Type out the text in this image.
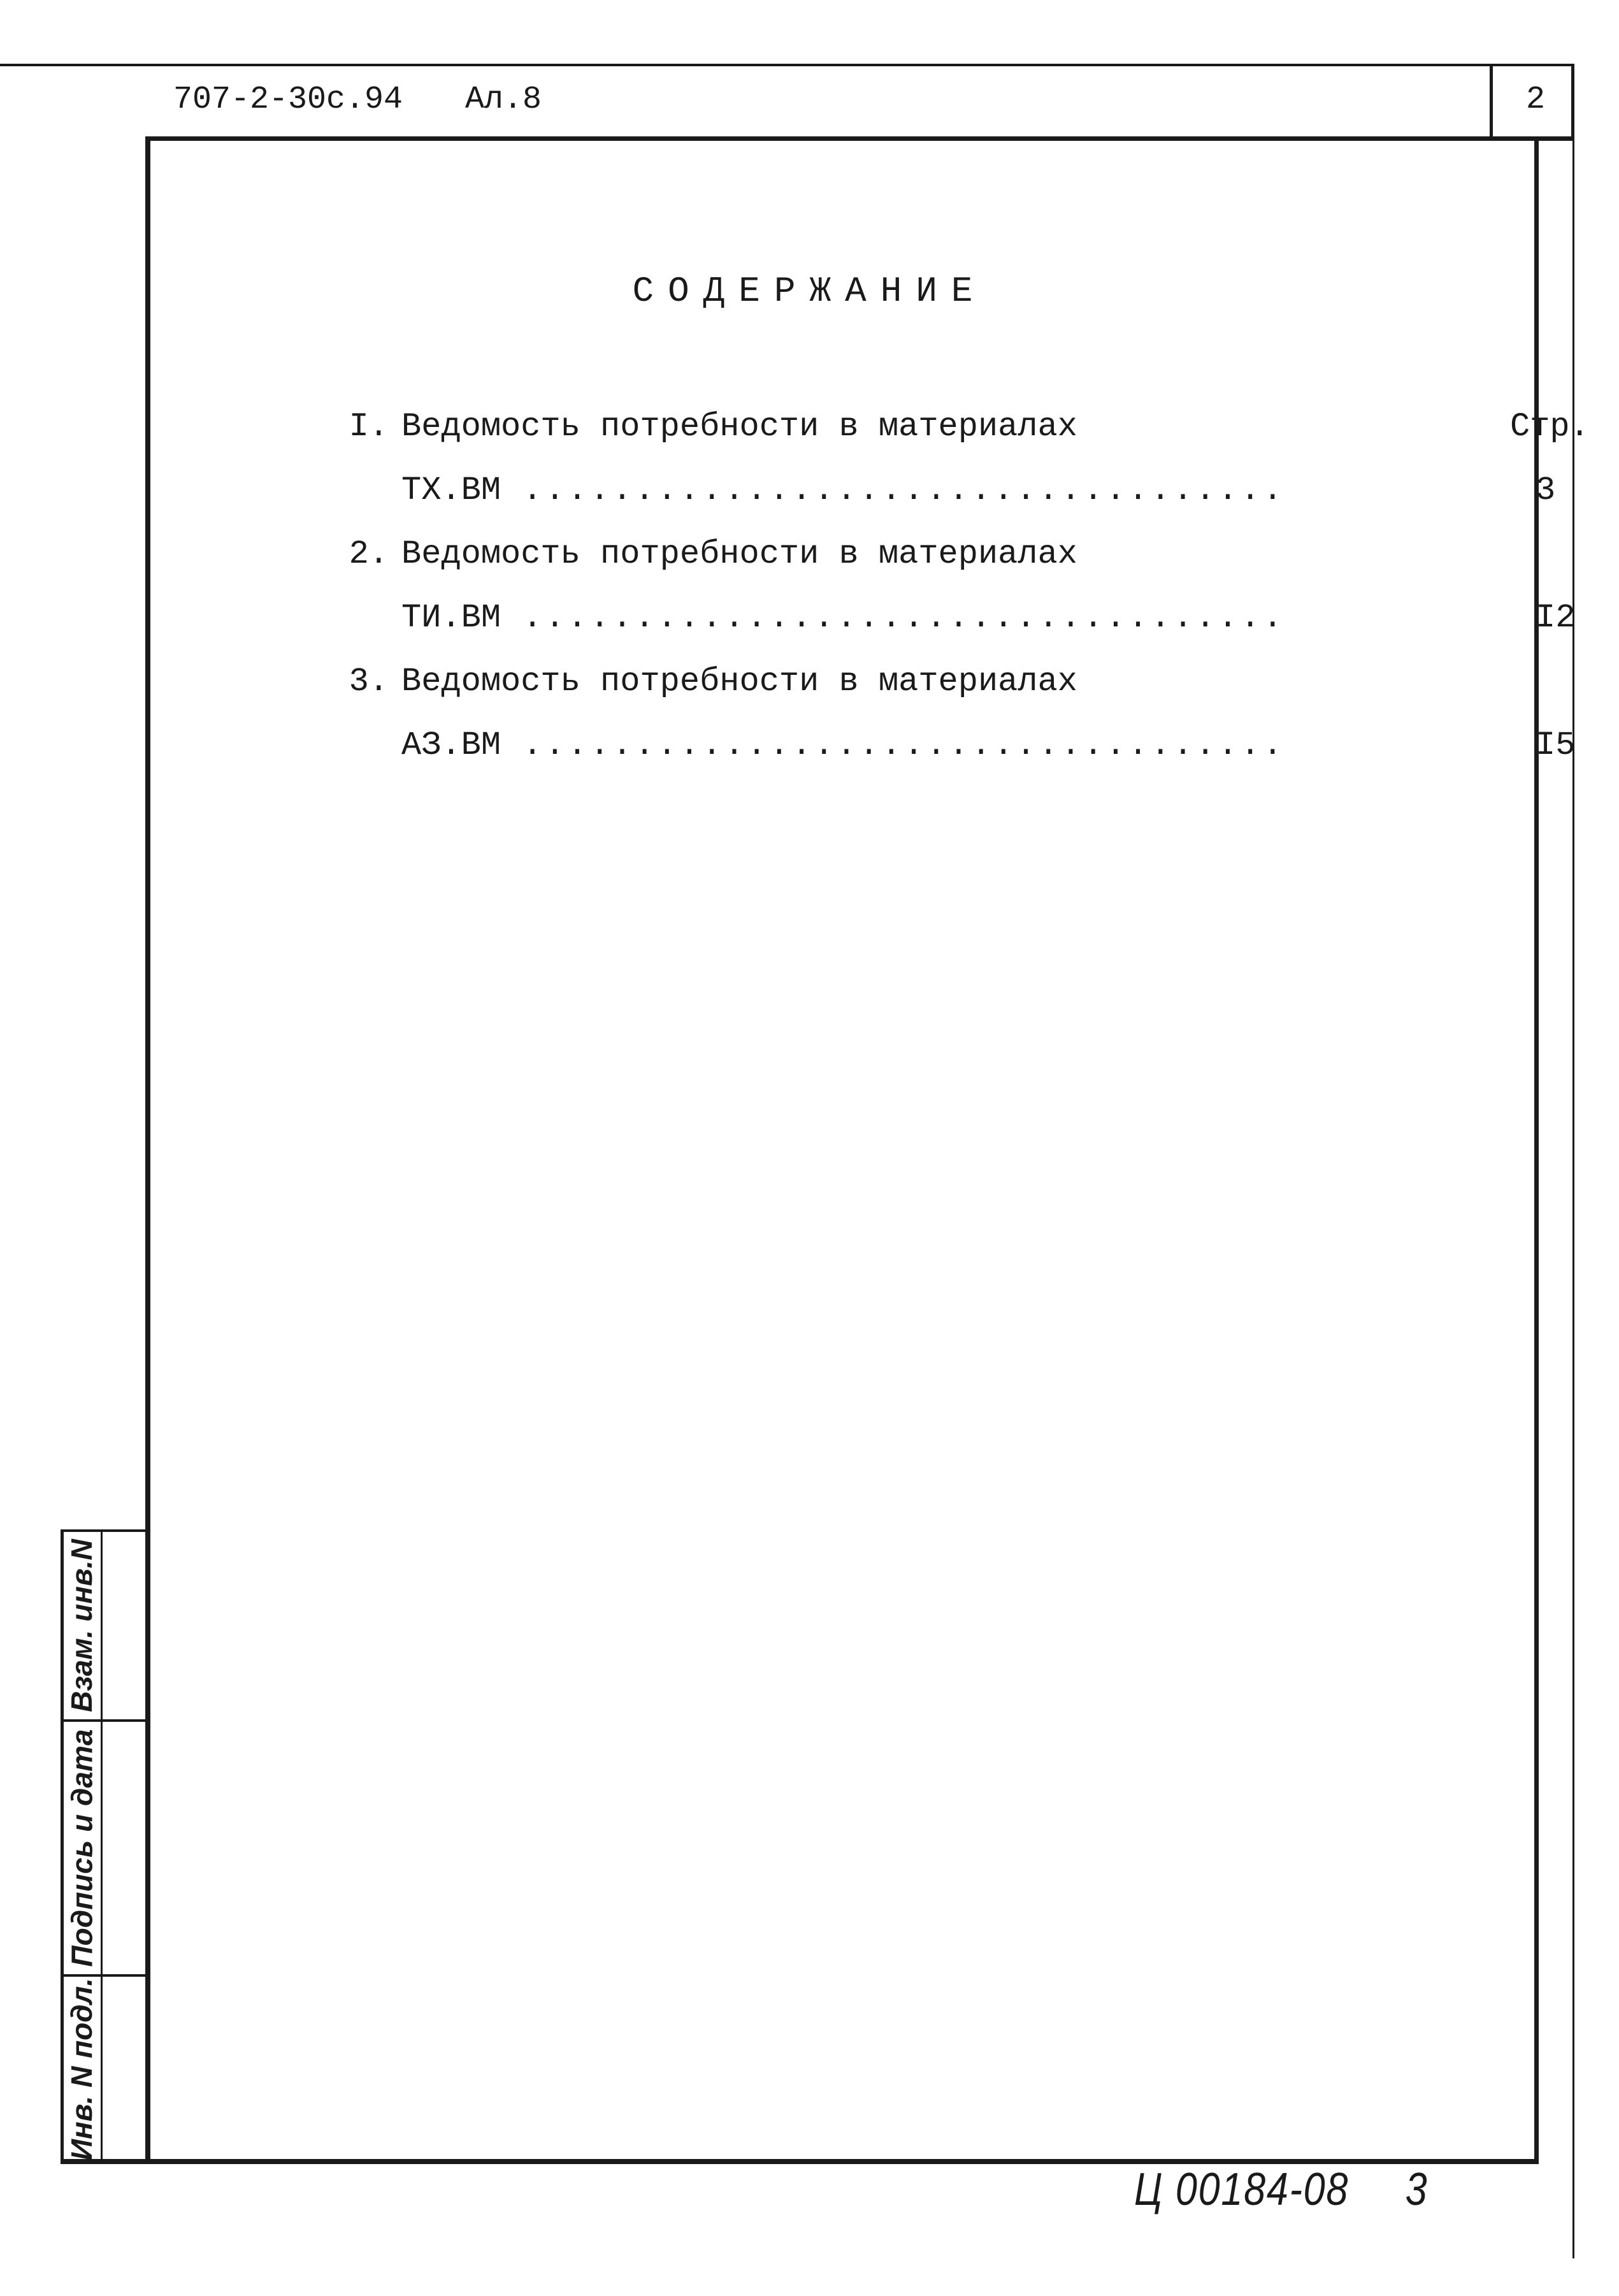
707-2-30с.94 Ал.8	2
СОДЕРЖАНИЕ
I. Ведомость потребности в материалах	Стр.
ТХ.ВМ ..................................	3
2. Ведомость потребности в материалах
ТИ.ВМ ..................................	I2
3. Ведомость потребности в материалах
АЗ.ВМ ..................................	I5
Взам. инв.N
Подпись и дата
Инв. N подл.
Ц 00184-08 3
